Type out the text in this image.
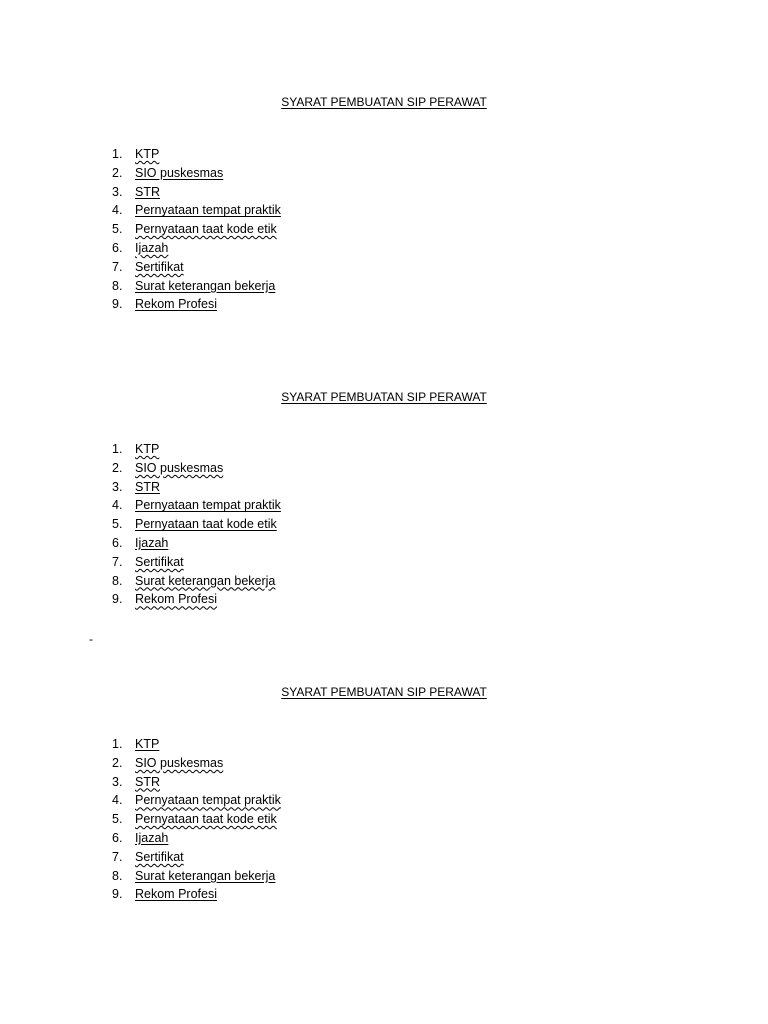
SYARAT PEMBUATAN SIP PERAWAT
1.	KTP
2.	SIO puskesmas
3.	STR
4.	Pernyataan tempat praktik
5.	Pernyataan taat kode etik
6.	Ijazah
7.	Sertifikat
8.	Surat keterangan bekerja
9.	Rekom Profesi
SYARAT PEMBUATAN SIP PERAWAT
1.	KTP
2.	SIO puskesmas
3.	STR
4.	Pernyataan tempat praktik
5.	Pernyataan taat kode etik
6.	Ijazah
7.	Sertifikat
8.	Surat keterangan bekerja
9.	Rekom Profesi
-
SYARAT PEMBUATAN SIP PERAWAT
1.	KTP
2.	SIO puskesmas
3.	STR
4.	Pernyataan tempat praktik
5.	Pernyataan taat kode etik
6.	Ijazah
7.	Sertifikat
8.	Surat keterangan bekerja
9.	Rekom Profesi
